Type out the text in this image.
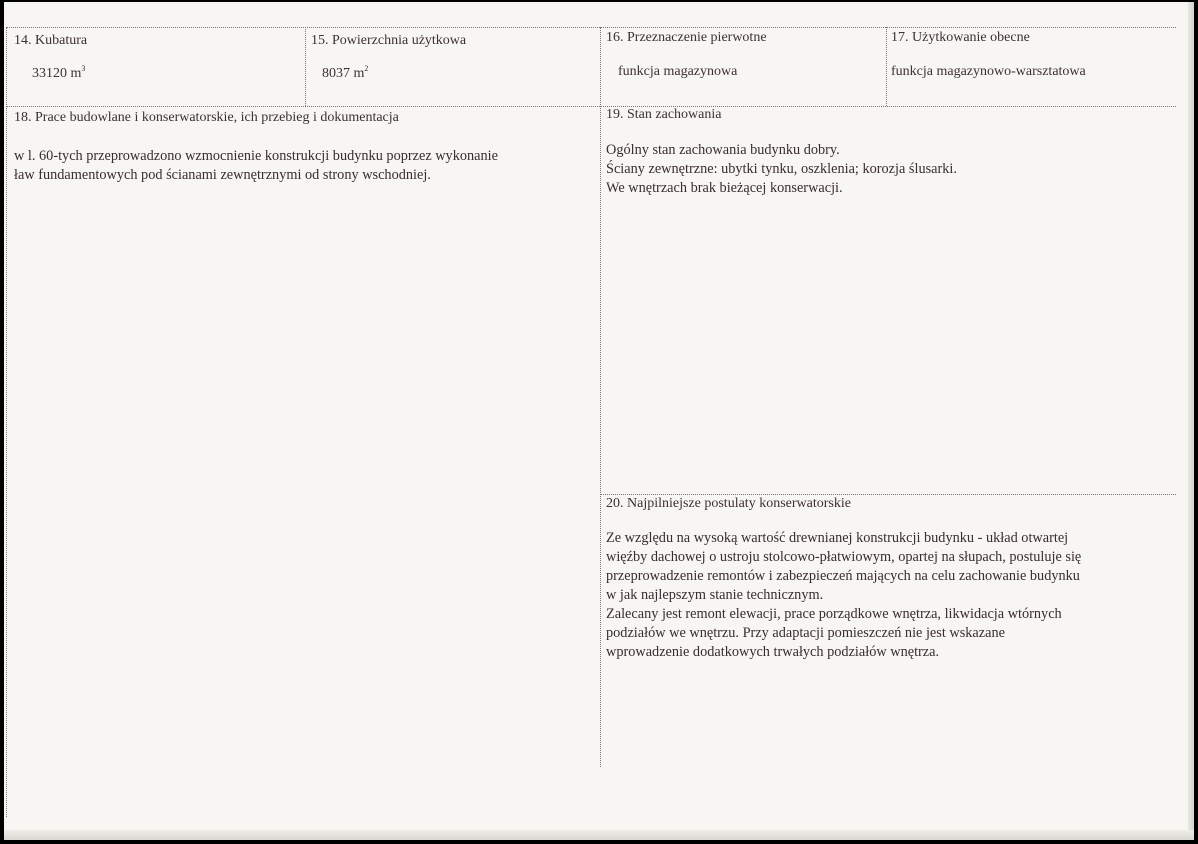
14. Kubatura
33120 $m^3$
15. Powierzchnia użytkowa
8037 $m^2$
16. Przeznaczenie pierwotne
funkcja magazynowa
17. Użytkowanie obecne
funkcja magazynowo-warsztatowa
18. Prace budowlane i konserwatorskie, ich przebieg i dokumentacja
w l. 60-tych przeprowadzono wzmocnienie konstrukcji budynku poprzez wykonanie
ław fundamentowych pod ścianami zewnętrznymi od strony wschodniej.
19. Stan zachowania
Ogólny stan zachowania budynku dobry.
Ściany zewnętrzne: ubytki tynku, oszklenia; korozja ślusarki.
We wnętrzach brak bieżącej konserwacji.
20. Najpilniejsze postulaty konserwatorskie
Ze względu na wysoką wartość drewnianej konstrukcji budynku - układ otwartej
więźby dachowej o ustroju stolcowo-płatwiowym, opartej na słupach, postuluje się
przeprowadzenie remontów i zabezpieczeń mających na celu zachowanie budynku
w jak najlepszym stanie technicznym.
Zalecany jest remont elewacji, prace porządkowe wnętrza, likwidacja wtórnych
podziałów we wnętrzu. Przy adaptacji pomieszczeń nie jest wskazane
wprowadzenie dodatkowych trwałych podziałów wnętrza.
